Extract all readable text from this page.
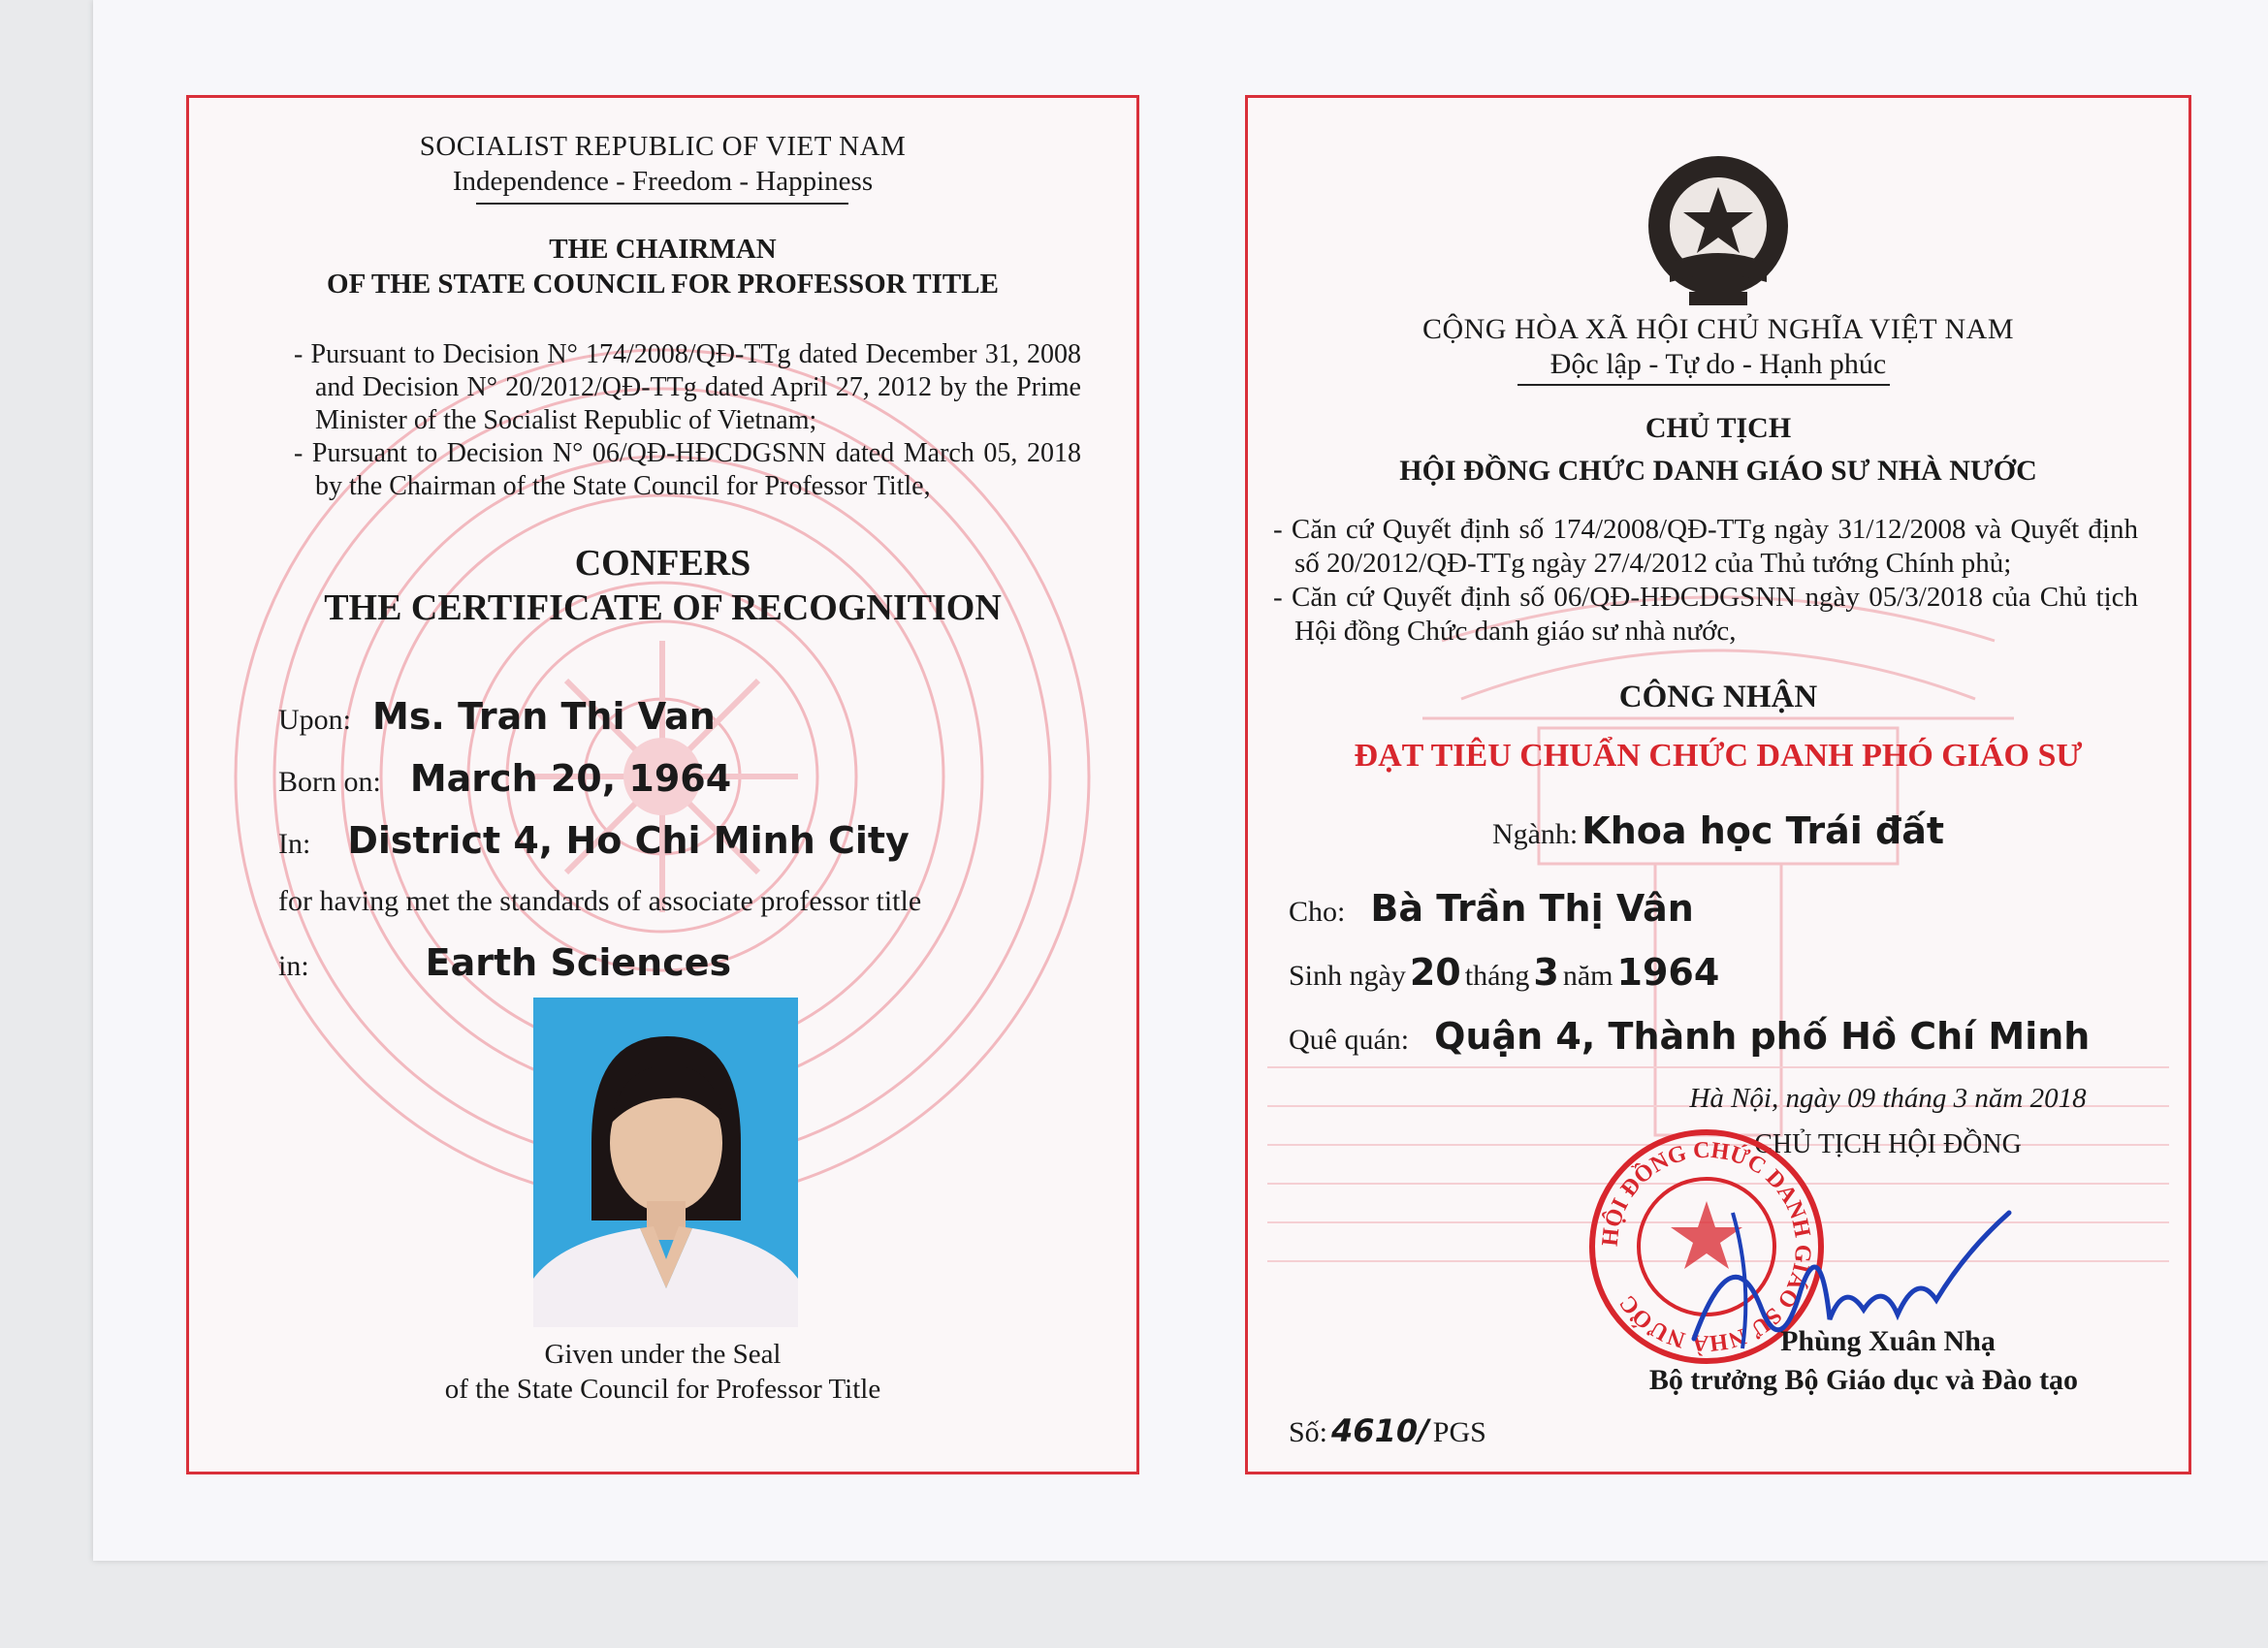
SOCIALIST REPUBLIC OF VIET NAM
Independence - Freedom - Happiness
THE CHAIRMAN
OF THE STATE COUNCIL FOR PROFESSOR TITLE
- Pursuant to Decision N° 174/2008/QĐ-TTg dated December 31, 2008 and Decision N° 20/2012/QĐ-TTg dated April 27, 2012 by the Prime Minister of the Socialist Republic of Vietnam;
- Pursuant to Decision N° 06/QĐ-HĐCDGSNN dated March 05, 2018 by the Chairman of the State Council for Professor Title,
CONFERS
THE CERTIFICATE OF RECOGNITION
Upon: Ms. Tran Thi Van
Born on: March 20, 1964
In: District 4, Ho Chi Minh City
for having met the standards of associate professor title
in:	Earth Sciences
Given under the Seal
of the State Council for Professor Title
CỘNG HÒA XÃ HỘI CHỦ NGHĨA VIỆT NAM
Độc lập - Tự do - Hạnh phúc
CHỦ TỊCH
HỘI ĐỒNG CHỨC DANH GIÁO SƯ NHÀ NƯỚC
- Căn cứ Quyết định số 174/2008/QĐ-TTg ngày 31/12/2008 và Quyết định số 20/2012/QĐ-TTg ngày 27/4/2012 của Thủ tướng Chính phủ;
- Căn cứ Quyết định số 06/QĐ-HĐCDGSNN ngày 05/3/2018 của Chủ tịch Hội đồng Chức danh giáo sư nhà nước,
CÔNG NHẬN
ĐẠT TIÊU CHUẨN CHỨC DANH PHÓ GIÁO SƯ
Ngành: Khoa học Trái đất
Cho: Bà Trần Thị Vân
Sinh ngày 20 tháng 3 năm 1964
Quê quán: Quận 4, Thành phố Hồ Chí Minh
Hà Nội, ngày 09 tháng 3 năm 2018
CHỦ TỊCH HỘI ĐỒNG
HỘI ĐỒNG CHỨC DANH GIÁO SƯ NHÀ NƯỚC
Phùng Xuân Nhạ
Bộ trưởng Bộ Giáo dục và Đào tạo
Số: 4610/ PGS
